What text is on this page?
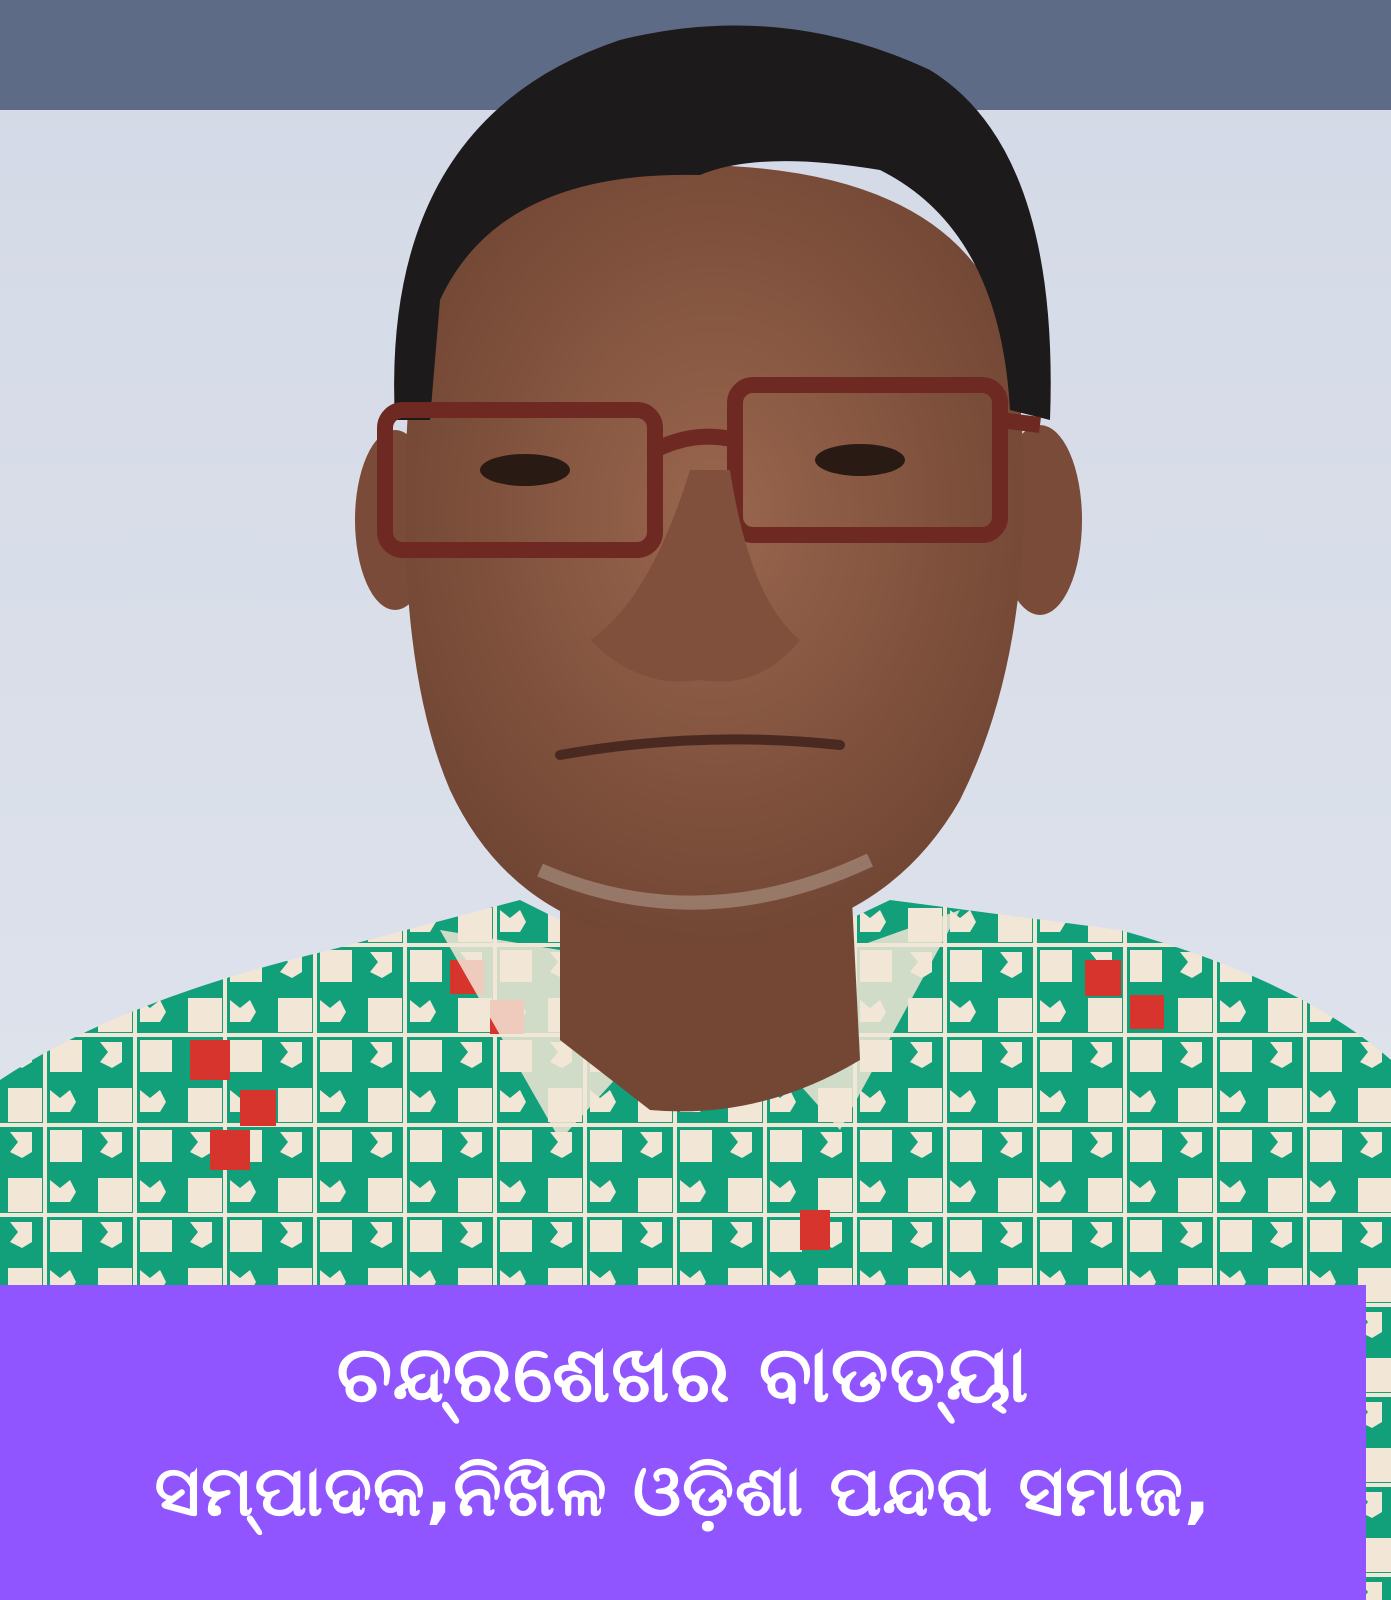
ଚନ୍ଦ୍ରଶେଖର ବାଡତ୍ୟା
ସମ୍ପାଦକ,ନିଖିଳ ଓଡ଼ିଶା ପନ୍ଦରା ସମାଜ,
